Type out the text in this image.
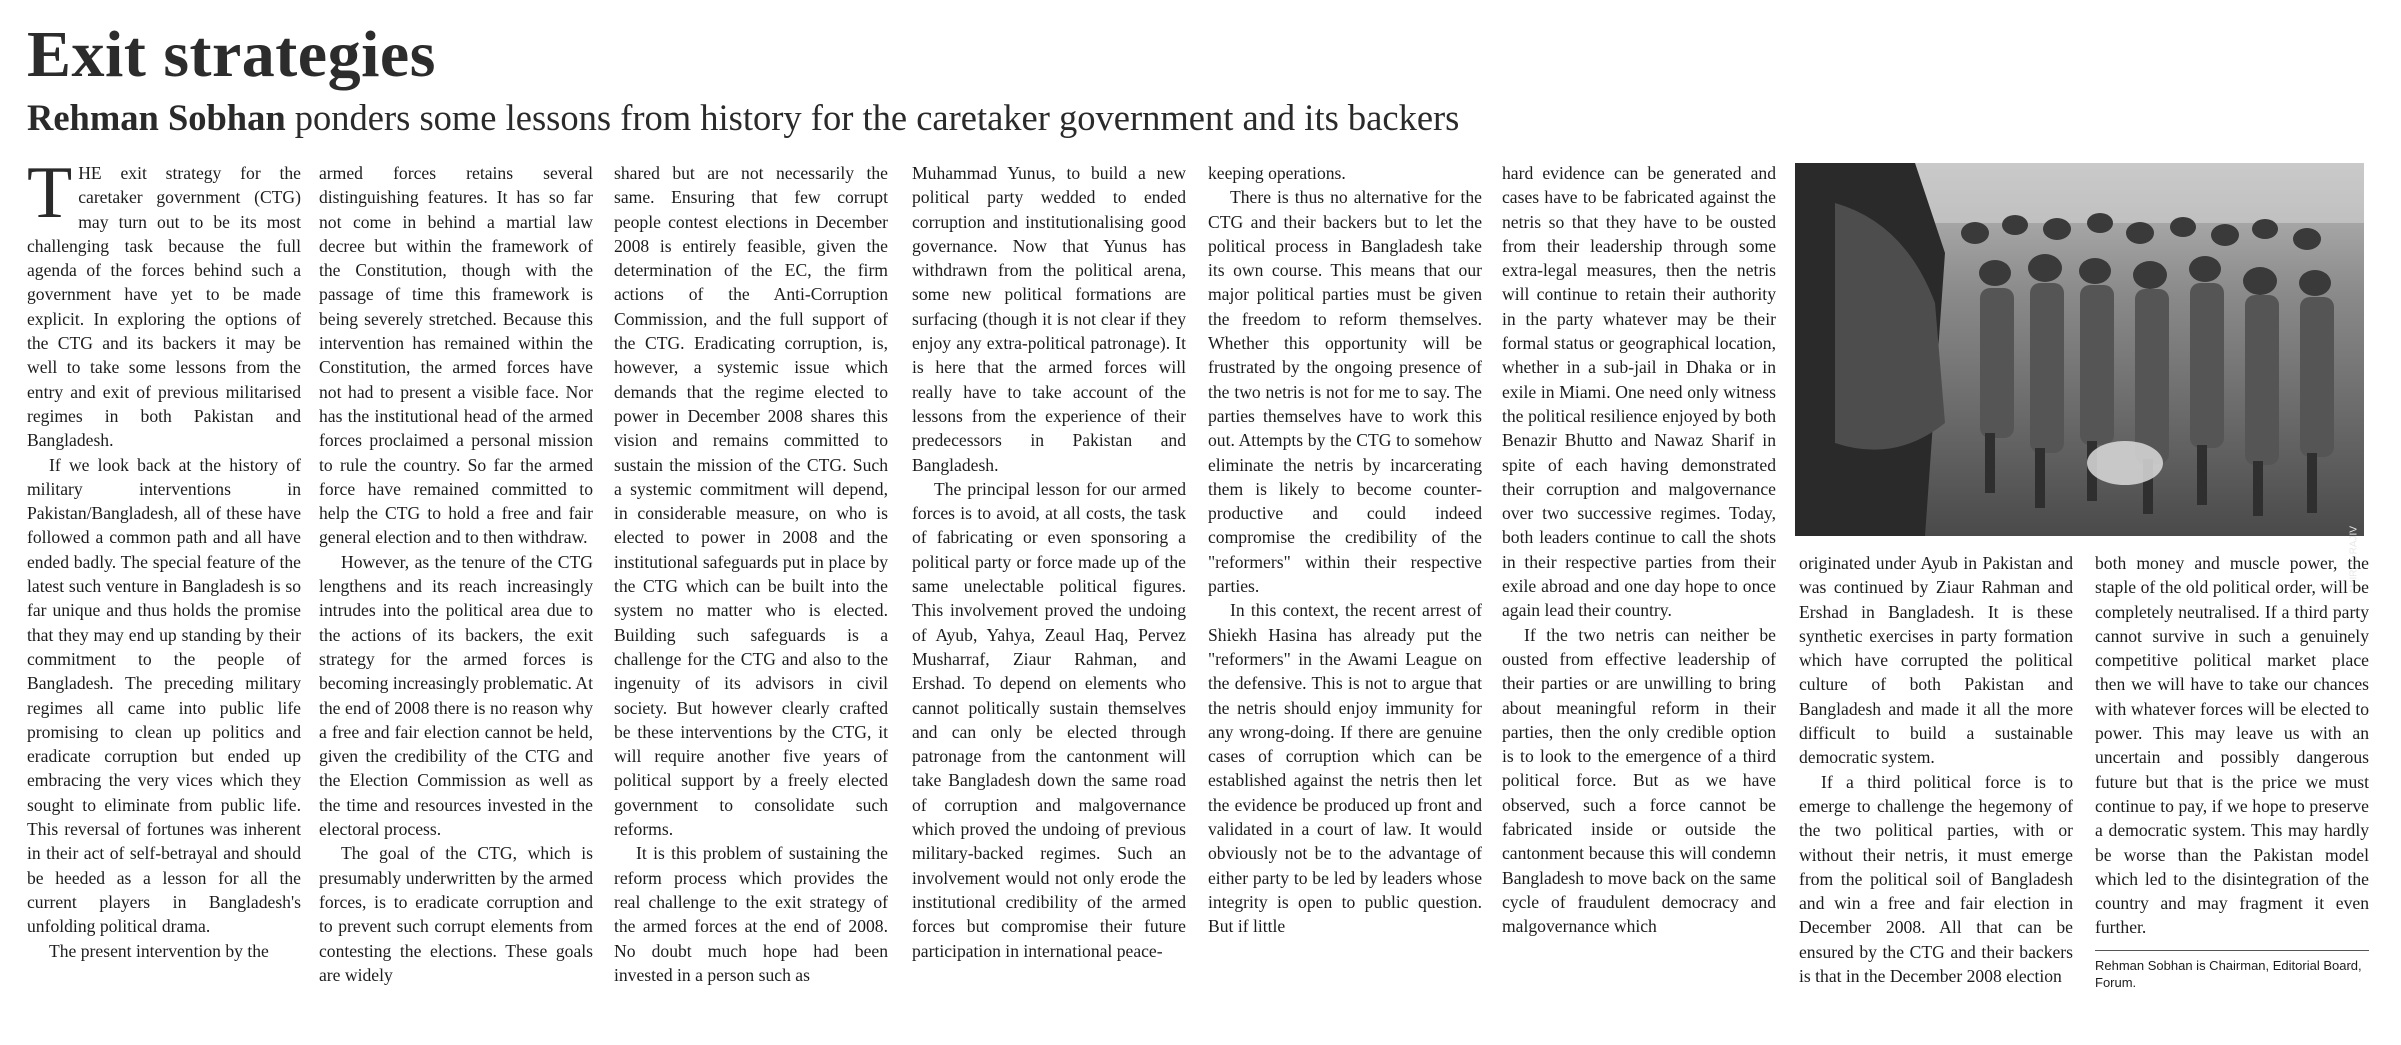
Exit strategies
Rehman Sobhan ponders some lessons from history for the caretaker government and its backers
T HE exit strategy for the caretaker government (CTG) may turn out to be its most challenging task because the full agenda of the forces behind such a government have yet to be made explicit. In exploring the options of the CTG and its backers it may be well to take some lessons from the entry and exit of previous militarised regimes in both Pakistan and Bangladesh.

If we look back at the history of military interventions in Pakistan/Bangladesh, all of these have followed a common path and all have ended badly. The special feature of the latest such venture in Bangladesh is so far unique and thus holds the promise that they may end up standing by their commitment to the people of Bangladesh. The preceding military regimes all came into public life promising to clean up politics and eradicate corruption but ended up embracing the very vices which they sought to eliminate from public life. This reversal of fortunes was inherent in their act of self-betrayal and should be heeded as a lesson for all the current players in Bangladesh's unfolding political drama.

The present intervention by the

armed forces retains several distinguishing features. It has so far not come in behind a martial law decree but within the framework of the Constitution, though with the passage of time this framework is being severely stretched. Because this intervention has remained within the Constitution, the armed forces have not had to present a visible face. Nor has the institutional head of the armed forces proclaimed a personal mission to rule the country. So far the armed force have remained committed to help the CTG to hold a free and fair general election and to then withdraw.

However, as the tenure of the CTG lengthens and its reach increasingly intrudes into the political area due to the actions of its backers, the exit strategy for the armed forces is becoming increasingly problematic. At the end of 2008 there is no reason why a free and fair election cannot be held, given the credibility of the CTG and the Election Commission as well as the time and resources invested in the electoral process.

The goal of the CTG, which is presumably underwritten by the armed forces, is to eradicate corruption and to prevent such corrupt elements from contesting the elections. These goals are widely

shared but are not necessarily the same. Ensuring that few corrupt people contest elections in December 2008 is entirely feasible, given the determination of the EC, the firm actions of the Anti-Corruption Commission, and the full support of the CTG. Eradicating corruption, is, however, a systemic issue which demands that the regime elected to power in December 2008 shares this vision and remains committed to sustain the mission of the CTG. Such a systemic commitment will depend, in considerable measure, on who is elected to power in 2008 and the institutional safeguards put in place by the CTG which can be built into the system no matter who is elected. Building such safeguards is a challenge for the CTG and also to the ingenuity of its advisors in civil society. But however clearly crafted be these interventions by the CTG, it will require another five years of political support by a freely elected government to consolidate such reforms.

It is this problem of sustaining the reform process which provides the real challenge to the exit strategy of the armed forces at the end of 2008. No doubt much hope had been invested in a person such as

Muhammad Yunus, to build a new political party wedded to ended corruption and institutionalising good governance. Now that Yunus has withdrawn from the political arena, some new political formations are surfacing (though it is not clear if they enjoy any extra-political patronage). It is here that the armed forces will really have to take account of the lessons from the experience of their predecessors in Pakistan and Bangladesh.

The principal lesson for our armed forces is to avoid, at all costs, the task of fabricating or even sponsoring a political party or force made up of the same unelectable political figures. This involvement proved the undoing of Ayub, Yahya, Zeaul Haq, Pervez Musharraf, Ziaur Rahman, and Ershad. To depend on elements who cannot politically sustain themselves and can only be elected through patronage from the cantonment will take Bangladesh down the same road of corruption and malgovernance which proved the undoing of previous military-backed regimes. Such an involvement would not only erode the institutional credibility of the armed forces but compromise their future participation in international peace-

keeping operations.

There is thus no alternative for the CTG and their backers but to let the political process in Bangladesh take its own course. This means that our major political parties must be given the freedom to reform themselves. Whether this opportunity will be frustrated by the ongoing presence of the two netris is not for me to say. The parties themselves have to work this out. Attempts by the CTG to somehow eliminate the netris by incarcerating them is likely to become counter-productive and could indeed compromise the credibility of the "reformers" within their respective parties.

In this context, the recent arrest of Shiekh Hasina has already put the "reformers" in the Awami League on the defensive. This is not to argue that the netris should enjoy immunity for any wrong-doing. If there are genuine cases of corruption which can be established against the netris then let the evidence be produced up front and validated in a court of law. It would obviously not be to the advantage of either party to be led by leaders whose integrity is open to public question. But if little

hard evidence can be generated and cases have to be fabricated against the netris so that they have to be ousted from their leadership through some extra-legal measures, then the netris will continue to retain their authority in the party whatever may be their formal status or geographical location, whether in a sub-jail in Dhaka or in exile in Miami. One need only witness the political resilience enjoyed by both Benazir Bhutto and Nawaz Sharif in spite of each having demonstrated their corruption and malgovernance over two successive regimes. Today, both leaders continue to call the shots in their respective parties from their exile abroad and one day hope to once again lead their country.

If the two netris can neither be ousted from effective leadership of their parties or are unwilling to bring about meaningful reform in their parties, then the only credible option is to look to the emergence of a third political force. But as we have observed, such a force cannot be fabricated inside or outside the cantonment because this will condemn Bangladesh to move back on the same cycle of fraudulent democracy and malgovernance which

AMIRUL RAJIV

originated under Ayub in Pakistan and was continued by Ziaur Rahman and Ershad in Bangladesh. It is these synthetic exercises in party formation which have corrupted the political culture of both Pakistan and Bangladesh and made it all the more difficult to build a sustainable democratic system.

If a third political force is to emerge to challenge the hegemony of the two political parties, with or without their netris, it must emerge from the political soil of Bangladesh and win a free and fair election in December 2008. All that can be ensured by the CTG and their backers is that in the December 2008 election

both money and muscle power, the staple of the old political order, will be completely neutralised. If a third party cannot survive in such a genuinely competitive political market place then we will have to take our chances with whatever forces will be elected to power. This may leave us with an uncertain and possibly dangerous future but that is the price we must continue to pay, if we hope to preserve a democratic system. This may hardly be worse than the Pakistan model which led to the disintegration of the country and may fragment it even further.

Rehman Sobhan is Chairman, Editorial Board, Forum.
